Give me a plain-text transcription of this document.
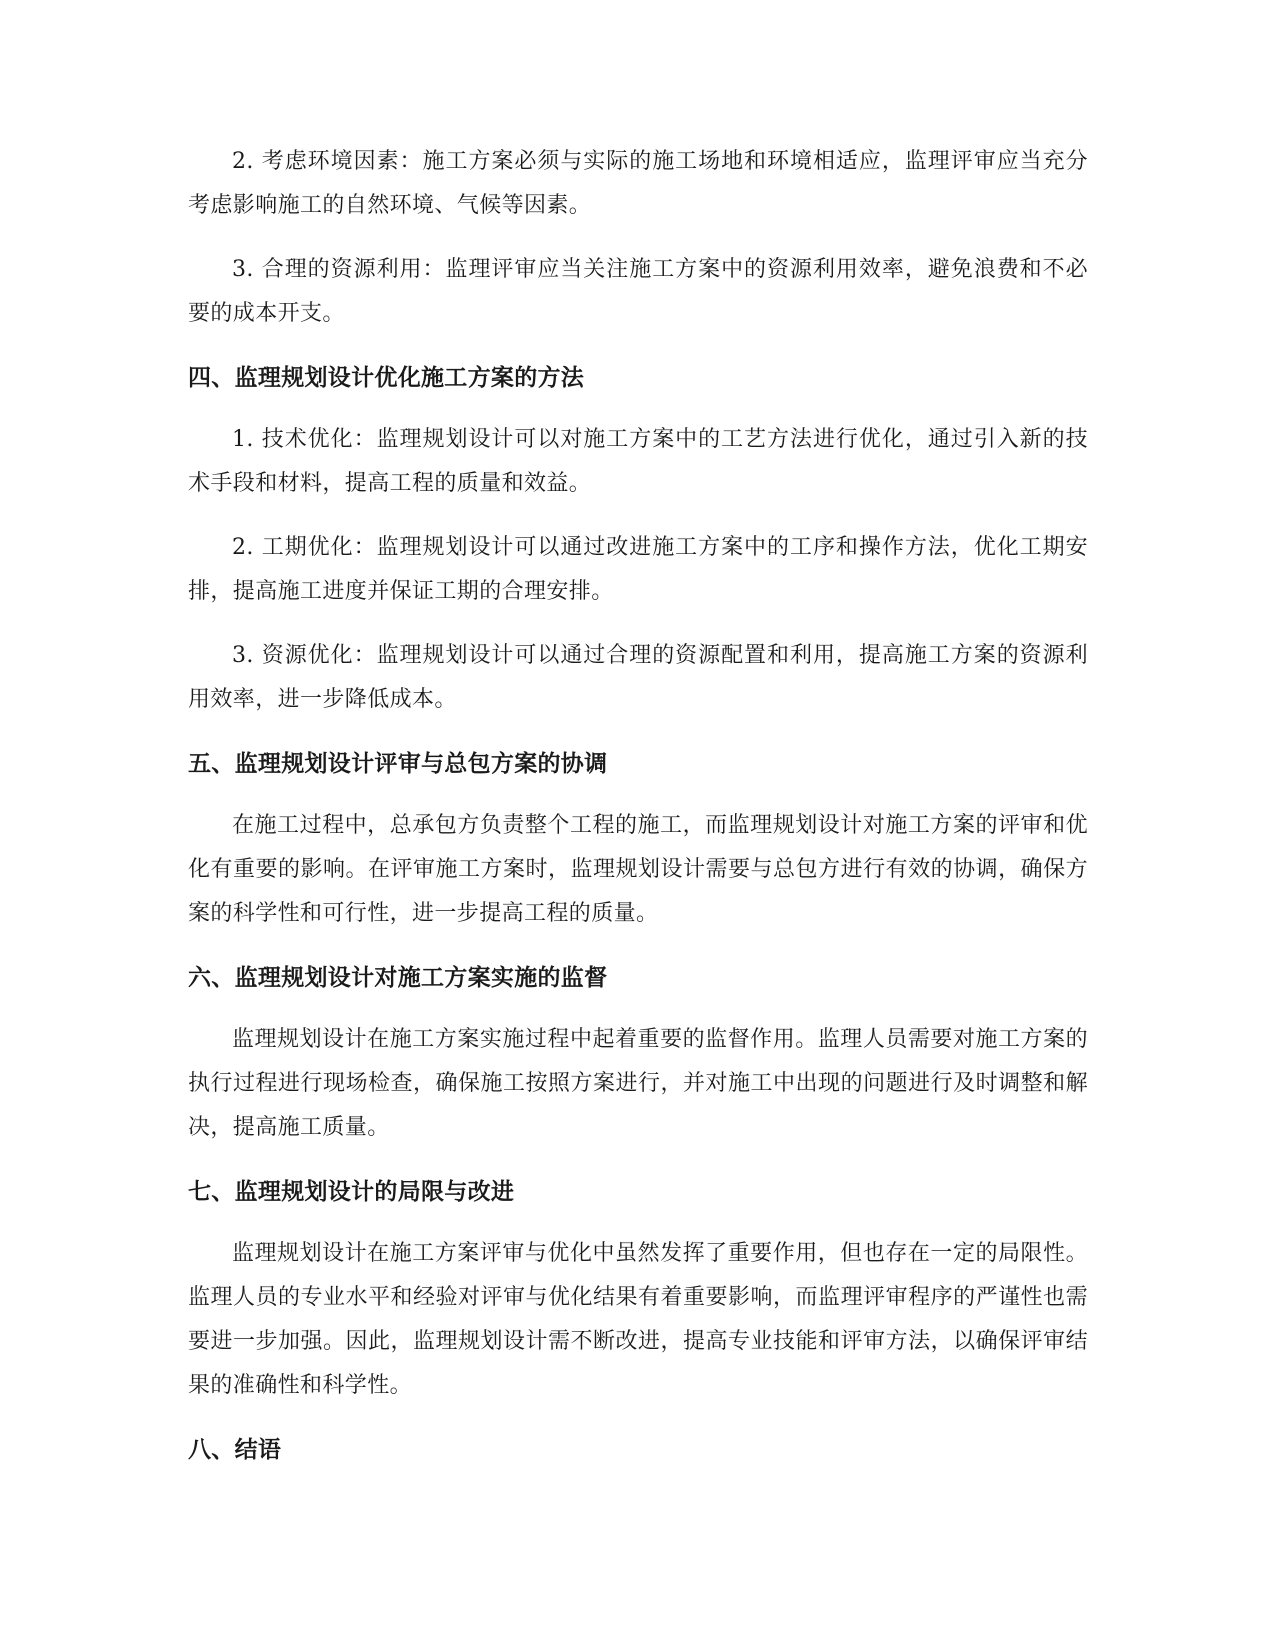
2. 考虑环境因素：施工方案必须与实际的施工场地和环境相适应，监理评审应当充分考虑影响施工的自然环境、气候等因素。

3. 合理的资源利用：监理评审应当关注施工方案中的资源利用效率，避免浪费和不必要的成本开支。

四、监理规划设计优化施工方案的方法

1. 技术优化：监理规划设计可以对施工方案中的工艺方法进行优化，通过引入新的技术手段和材料，提高工程的质量和效益。

2. 工期优化：监理规划设计可以通过改进施工方案中的工序和操作方法，优化工期安排，提高施工进度并保证工期的合理安排。

3. 资源优化：监理规划设计可以通过合理的资源配置和利用，提高施工方案的资源利用效率，进一步降低成本。

五、监理规划设计评审与总包方案的协调

在施工过程中，总承包方负责整个工程的施工，而监理规划设计对施工方案的评审和优化有重要的影响。在评审施工方案时，监理规划设计需要与总包方进行有效的协调，确保方案的科学性和可行性，进一步提高工程的质量。

六、监理规划设计对施工方案实施的监督

监理规划设计在施工方案实施过程中起着重要的监督作用。监理人员需要对施工方案的执行过程进行现场检查，确保施工按照方案进行，并对施工中出现的问题进行及时调整和解决，提高施工质量。

七、监理规划设计的局限与改进

监理规划设计在施工方案评审与优化中虽然发挥了重要作用，但也存在一定的局限性。监理人员的专业水平和经验对评审与优化结果有着重要影响，而监理评审程序的严谨性也需要进一步加强。因此，监理规划设计需不断改进，提高专业技能和评审方法，以确保评审结果的准确性和科学性。

八、结语
